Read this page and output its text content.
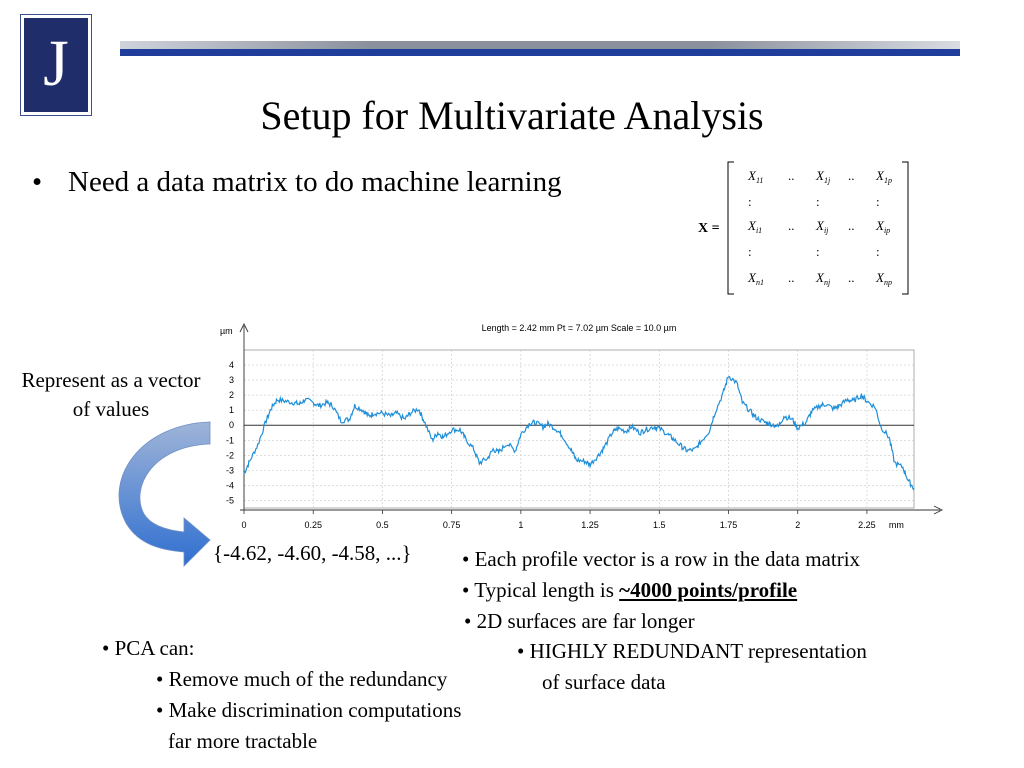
J
Setup for Multivariate Analysis
• Need a data matrix to do machine learning
X =
$X_{11}$ .. $X_{1j}$ .. $X_{1p}$
:	:	:
$X_{i1}$ .. $X_{ij}$ .. $X_{ip}$
:	:	:
$X_{n1}$ .. $X_{nj}$ .. $X_{np}$
Length = 2.42 mm Pt = 7.02 µm Scale = 10.0 µm
4
3
2
1
0
-1
-2
-3
-4
-5
0	0.25	0.5	0.75	1	1.25	1.5	1.75	2	2.25 mm
µm
Represent as a vector of values
{-4.62, -4.60, -4.58, ...} • Each profile vector is a row in the data matrix
• Typical length is ~4000 points/profile
• 2D surfaces are far longer
• HIGHLY REDUNDANT representation
of surface data
• PCA can:
• Remove much of the redundancy
• Make discrimination computations
far more tractable
